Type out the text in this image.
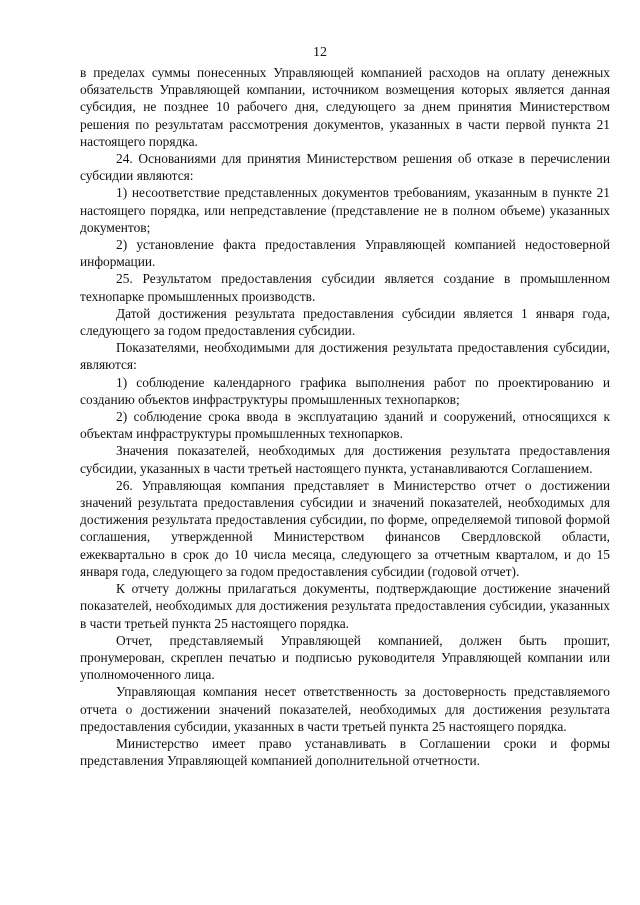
12

в пределах суммы понесенных Управляющей компанией расходов на оплату денежных обязательств Управляющей компании, источником возмещения которых является данная субсидия, не позднее 10 рабочего дня, следующего за днем принятия Министерством решения по результатам рассмотрения документов, указанных в части первой пункта 21 настоящего порядка.

24. Основаниями для принятия Министерством решения об отказе в перечислении субсидии являются:

1) несоответствие представленных документов требованиям, указанным в пункте 21 настоящего порядка, или непредставление (представление не в полном объеме) указанных документов;

2) установление факта предоставления Управляющей компанией недостоверной информации.

25. Результатом предоставления субсидии является создание в промышленном технопарке промышленных производств.

Датой достижения результата предоставления субсидии является 1 января года, следующего за годом предоставления субсидии.

Показателями, необходимыми для достижения результата предоставления субсидии, являются:

1) соблюдение календарного графика выполнения работ по проектированию и созданию объектов инфраструктуры промышленных технопарков;

2) соблюдение срока ввода в эксплуатацию зданий и сооружений, относящихся к объектам инфраструктуры промышленных технопарков.

Значения показателей, необходимых для достижения результата предоставления субсидии, указанных в части третьей настоящего пункта, устанавливаются Соглашением.

26. Управляющая компания представляет в Министерство отчет о достижении значений результата предоставления субсидии и значений показателей, необходимых для достижения результата предоставления субсидии, по форме, определяемой типовой формой соглашения, утвержденной Министерством финансов Свердловской области, ежеквартально в срок до 10 числа месяца, следующего за отчетным кварталом, и до 15 января года, следующего за годом предоставления субсидии (годовой отчет).

К отчету должны прилагаться документы, подтверждающие достижение значений показателей, необходимых для достижения результата предоставления субсидии, указанных в части третьей пункта 25 настоящего порядка.

Отчет, представляемый Управляющей компанией, должен быть прошит, пронумерован, скреплен печатью и подписью руководителя Управляющей компании или уполномоченного лица.

Управляющая компания несет ответственность за достоверность представляемого отчета о достижении значений показателей, необходимых для достижения результата предоставления субсидии, указанных в части третьей пункта 25 настоящего порядка.

Министерство имеет право устанавливать в Соглашении сроки и формы представления Управляющей компанией дополнительной отчетности.
